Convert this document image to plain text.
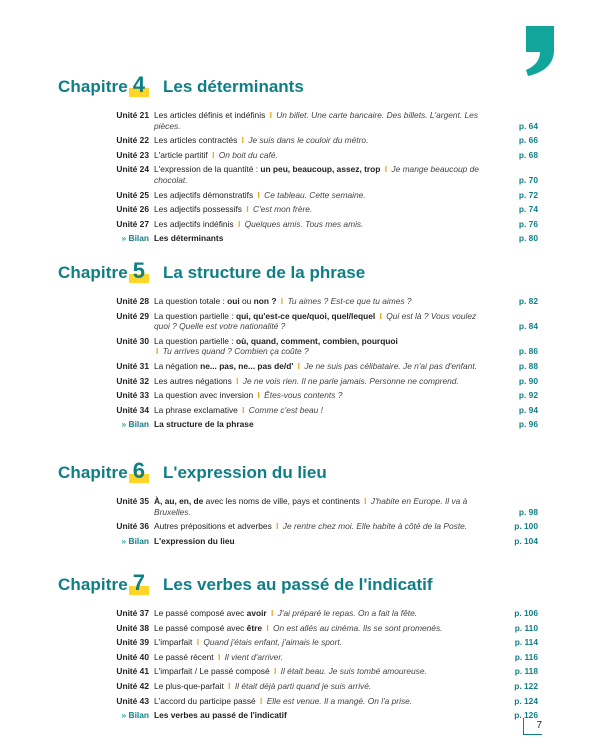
Chapitre 4 Les déterminants
Unité 21 Les articles définis et indéfinis I Un billet. Une carte bancaire. Des billets. L'argent. Les pièces.	p. 64
Unité 22 Les articles contractés I Je suis dans le couloir du métro.	p. 66
Unité 23 L'article partitif I On boit du café.	p. 68
Unité 24 L'expression de la quantité : un peu, beaucoup, assez, trop I Je mange beaucoup de chocolat.	p. 70
Unité 25 Les adjectifs démonstratifs I Ce tableau. Cette semaine.	p. 72
Unité 26 Les adjectifs possessifs I C'est mon frère.	p. 74
Unité 27 Les adjectifs indéfinis I Quelques amis. Tous mes amis.	p. 76
» Bilan Les déterminants	p. 80
Chapitre 5 La structure de la phrase
Unité 28 La question totale : oui ou non ? I Tu aimes ? Est-ce que tu aimes ?	p. 82
Unité 29 La question partielle : qui, qu'est-ce que/quoi, quel/lequel I Qui est là ? Vous voulez quoi ? Quelle est votre nationalité ?	p. 84
Unité 30 La question partielle : où, quand, comment, combien, pourquoi
I Tu arrives quand ? Combien ça coûte ?	p. 86
Unité 31 La négation ne... pas, ne... pas de/d' I Je ne suis pas célibataire. Je n'ai pas d'enfant.	p. 88
Unité 32 Les autres négations I Je ne vois rien. Il ne parle jamais. Personne ne comprend.	p. 90
Unité 33 La question avec inversion I Êtes-vous contents ?	p. 92
Unité 34 La phrase exclamative I Comme c'est beau !	p. 94
» Bilan La structure de la phrase	p. 96
Chapitre 6 L'expression du lieu
Unité 35 À, au, en, de avec les noms de ville, pays et continents I J'habite en Europe. Il va à Bruxelles.	p. 98
Unité 36 Autres prépositions et adverbes I Je rentre chez moi. Elle habite à côté de la Poste.	p. 100
» Bilan L'expression du lieu	p. 104
Chapitre 7 Les verbes au passé de l'indicatif
Unité 37 Le passé composé avec avoir I J'ai préparé le repas. On a fait la fête.	p. 106
Unité 38 Le passé composé avec être I On est allés au cinéma. Ils se sont promenés.	p. 110
Unité 39 L'imparfait I Quand j'étais enfant, j'aimais le sport.	p. 114
Unité 40 Le passé récent I Il vient d'arriver.	p. 116
Unité 41 L'imparfait / Le passé composé I Il était beau. Je suis tombé amoureuse.	p. 118
Unité 42 Le plus-que-parfait I Il était déjà parti quand je suis arrivé.	p. 122
Unité 43 L'accord du participe passé I Elle est venue. Il a mangé. On l'a prise.	p. 124
» Bilan Les verbes au passé de l'indicatif	p. 126
7
